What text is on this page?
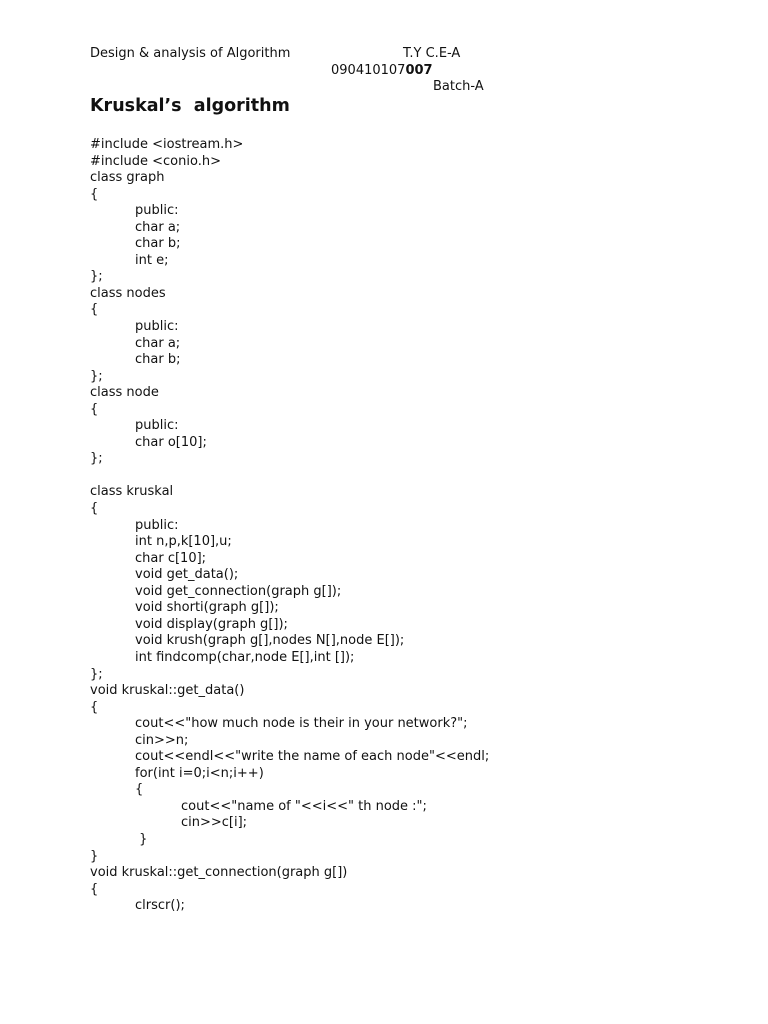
Design & analysis of Algorithm	T.Y C.E-A
090410107007
Batch-A
Kruskal’s  algorithm
#include <iostream.h>
#include <conio.h>
class graph
{
public:
char a;
char b;
int e;
};
class nodes
{
public:
char a;
char b;
};
class node
{
public:
char o[10];
};
class kruskal
{
public:
int n,p,k[10],u;
char c[10];
void get_data();
void get_connection(graph g[]);
void shorti(graph g[]);
void display(graph g[]);
void krush(graph g[],nodes N[],node E[]);
int findcomp(char,node E[],int []);
};
void kruskal::get_data()
{
cout<<"how much node is their in your network?";
cin>>n;
cout<<endl<<"write the name of each node"<<endl;
for(int i=0;i<n;i++)
{
cout<<"name of "<<i<<" th node :";
cin>>c[i];
}
}
void kruskal::get_connection(graph g[])
{
clrscr();
